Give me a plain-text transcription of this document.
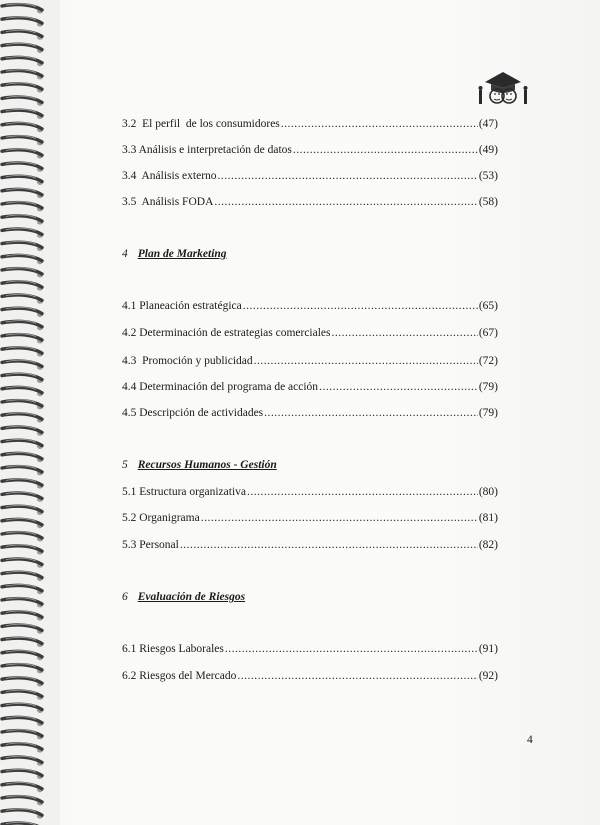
3.2  El perfil  de los consumidores .....	(47)
3.3 Análisis e interpretación de datos .....	(49)
3.4  Análisis externo .....	(53)
3.5  Análisis FODA .....	(58)
4 Plan de Marketing
4.1 Planeación estratégica .....	(65)
4.2 Determinación de estrategias comerciales .....	(67)
4.3  Promoción y publicidad .....	(72)
4.4 Determinación del programa de acción .....	(79)
4.5 Descripción de actividades .....	(79)
5 Recursos Humanos - Gestión
5.1 Estructura organizativa .....	(80)
5.2 Organigrama .....	(81)
5.3 Personal .....	(82)
6 Evaluación de Riesgos
6.1 Riesgos Laborales .....	(91)
6.2 Riesgos del Mercado .....	(92)
4
